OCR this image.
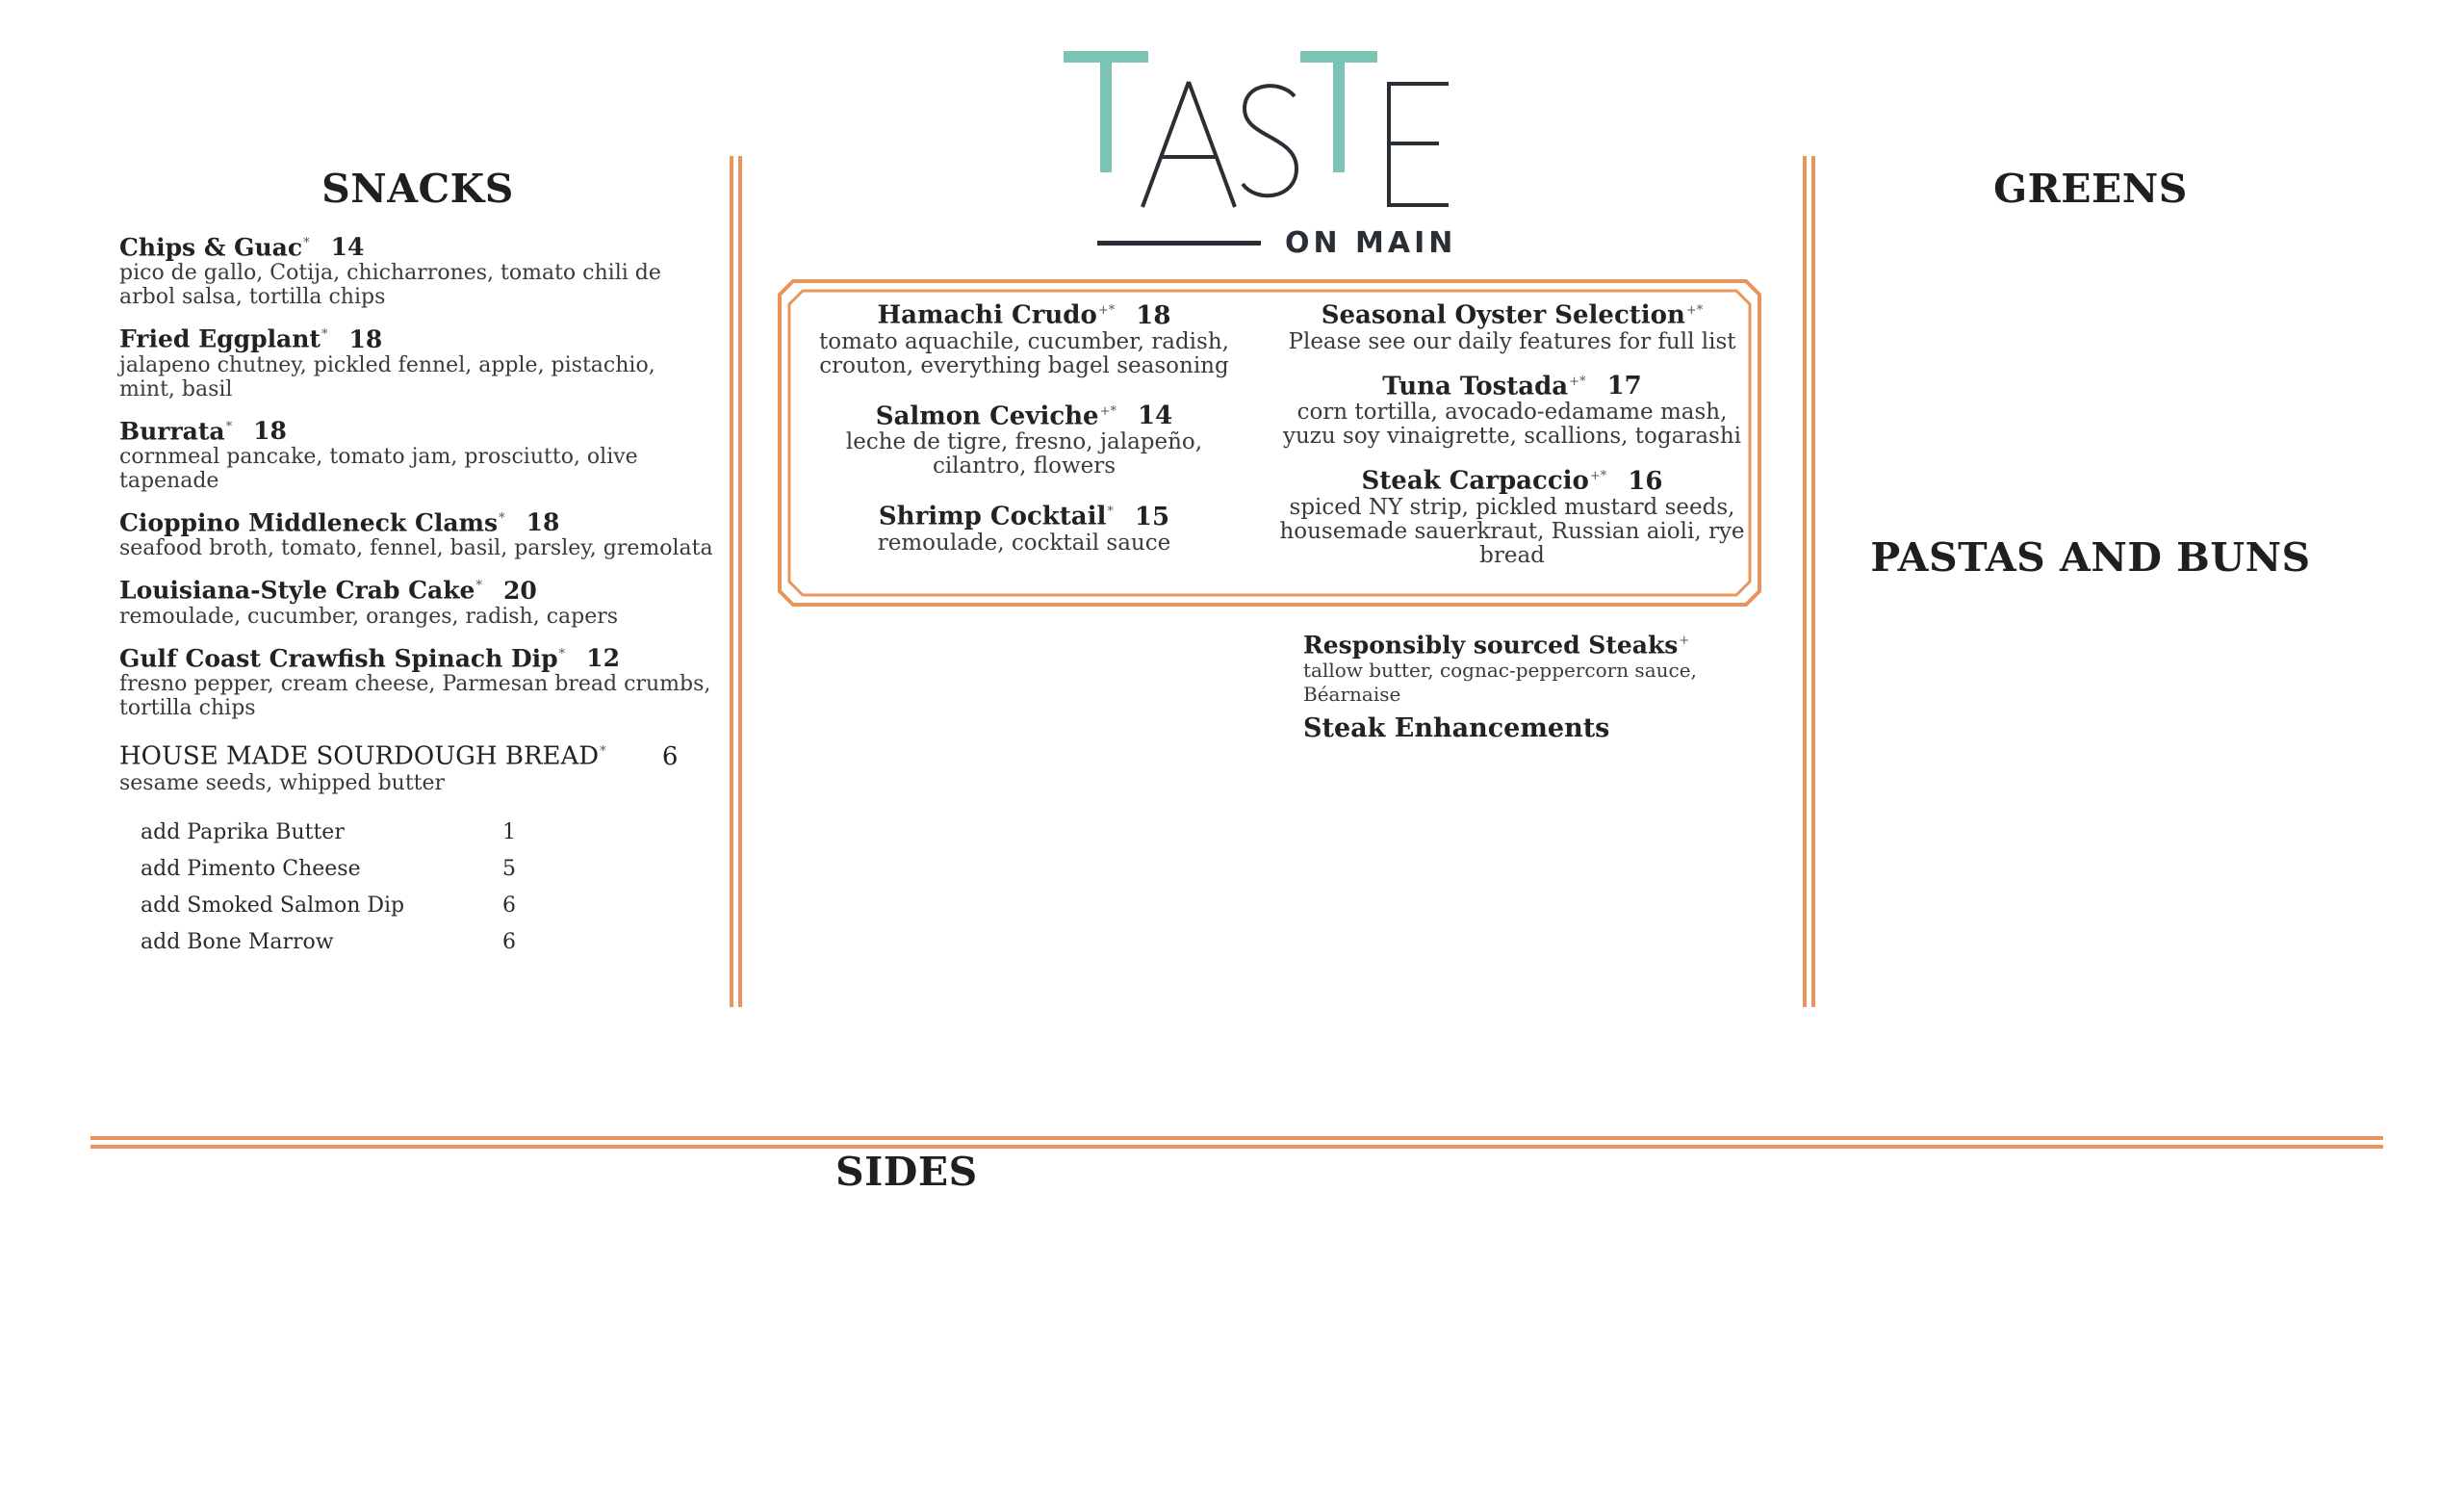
ON MAIN
SNACKS
Chips & Guac* 14
pico de gallo, Cotija, chicharrones, tomato chili de arbol salsa, tortilla chips
Fried Eggplant* 18
jalapeno chutney, pickled fennel, apple, pistachio, mint, basil
Burrata* 18
cornmeal pancake, tomato jam, prosciutto, olive tapenade
Cioppino Middleneck Clams* 18
seafood broth, tomato, fennel, basil, parsley, gremolata
Louisiana-Style Crab Cake* 20
remoulade, cucumber, oranges, radish, capers
Gulf Coast Crawfish Spinach Dip* 12
fresno pepper, cream cheese, Parmesan bread crumbs, tortilla chips
HOUSE MADE SOURDOUGH BREAD* 6
sesame seeds, whipped butter
add Paprika Butter	1
add Pimento Cheese	5
add Smoked Salmon Dip	6
add Bone Marrow	6
Hamachi Crudo+* 18
tomato aquachile, cucumber, radish, crouton, everything bagel seasoning
Salmon Ceviche+* 14
leche de tigre, fresno, jalapeño, cilantro, flowers
Shrimp Cocktail* 15
remoulade, cocktail sauce
Seasonal Oyster Selection+*
Please see our daily features for full list
Tuna Tostada+* 17
corn tortilla, avocado-edamame mash, yuzu soy vinaigrette, scallions, togarashi
Steak Carpaccio+* 16
spiced NY strip, pickled mustard seeds, housemade sauerkraut, Russian aioli, rye bread
Responsibly sourced Steaks+
tallow butter, cognac-peppercorn sauce, Béarnaise
Steak Enhancements
GREENS
PASTAS AND BUNS
SIDES
